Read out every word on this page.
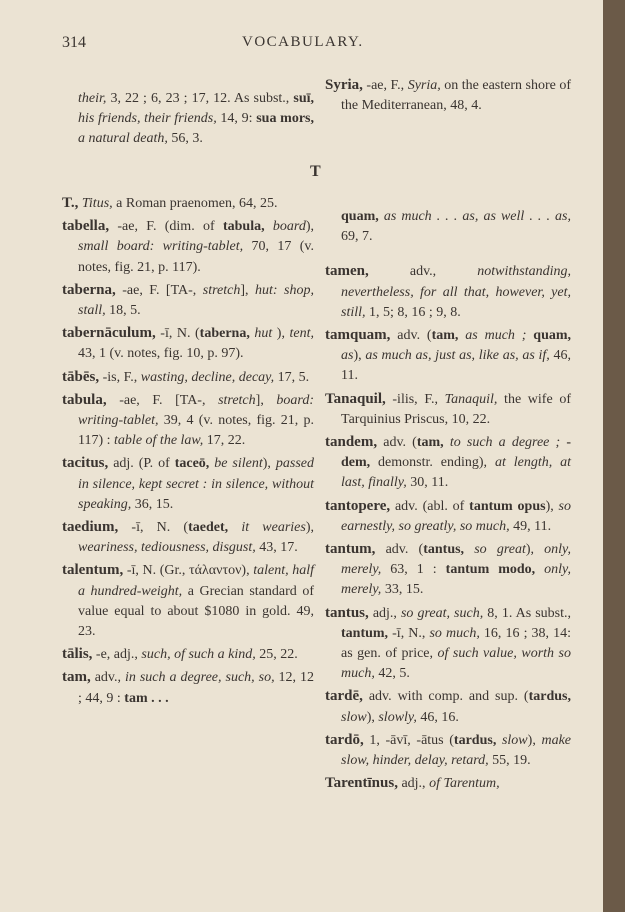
314	VOCABULARY.

their, 3, 22 ; 6, 23 ; 17, 12. As subst., suī, his friends, their friends, 14, 9: sua mors, a natural death, 56, 3.

Syria, -ae, F., Syria, on the eastern shore of the Mediterranean, 48, 4.

T

T., Titus, a Roman praenomen, 64, 25.

tabella, -ae, F. (dim. of tabula, board), small board: writing-tablet, 70, 17 (v. notes, fig. 21, p. 117).

taberna, -ae, F. [TA-, stretch], hut: shop, stall, 18, 5.

tabernāculum, -ī, N. (taberna, hut ), tent, 43, 1 (v. notes, fig. 10, p. 97).

tābēs, -is, F., wasting, decline, decay, 17, 5.

tabula, -ae, F. [TA-, stretch], board: writing-tablet, 39, 4 (v. notes, fig. 21, p. 117) : table of the law, 17, 22.

tacitus, adj. (P. of taceō, be silent), passed in silence, kept secret : in silence, without speaking, 36, 15.

taedium, -ī, N. (taedet, it wearies), weariness, tediousness, disgust, 43, 17.

talentum, -ī, N. (Gr., τάλαντον), talent, half a hundred-weight, a Grecian standard of value equal to about $1080 in gold. 49, 23.

tālis, -e, adj., such, of such a kind, 25, 22.

tam, adv., in such a degree, such, so, 12, 12 ; 44, 9 : tam . . .

quam, as much . . . as, as well . . . as, 69, 7.

tamen, adv., notwithstanding, nevertheless, for all that, however, yet, still, 1, 5; 8, 16 ; 9, 8.

tamquam, adv. (tam, as much ; quam, as), as much as, just as, like as, as if, 46, 11.

Tanaquil, -ilis, F., Tanaquil, the wife of Tarquinius Priscus, 10, 22.

tandem, adv. (tam, to such a degree ; -dem, demonstr. ending), at length, at last, finally, 30, 11.

tantopere, adv. (abl. of tantum opus), so earnestly, so greatly, so much, 49, 11.

tantum, adv. (tantus, so great), only, merely, 63, 1 : tantum modo, only, merely, 33, 15.

tantus, adj., so great, such, 8, 1. As subst., tantum, -ī, N., so much, 16, 16 ; 38, 14: as gen. of price, of such value, worth so much, 42, 5.

tardē, adv. with comp. and sup. (tardus, slow), slowly, 46, 16.

tardō, 1, -āvī, -ātus (tardus, slow), make slow, hinder, delay, retard, 55, 19.

Tarentīnus, adj., of Tarentum,
